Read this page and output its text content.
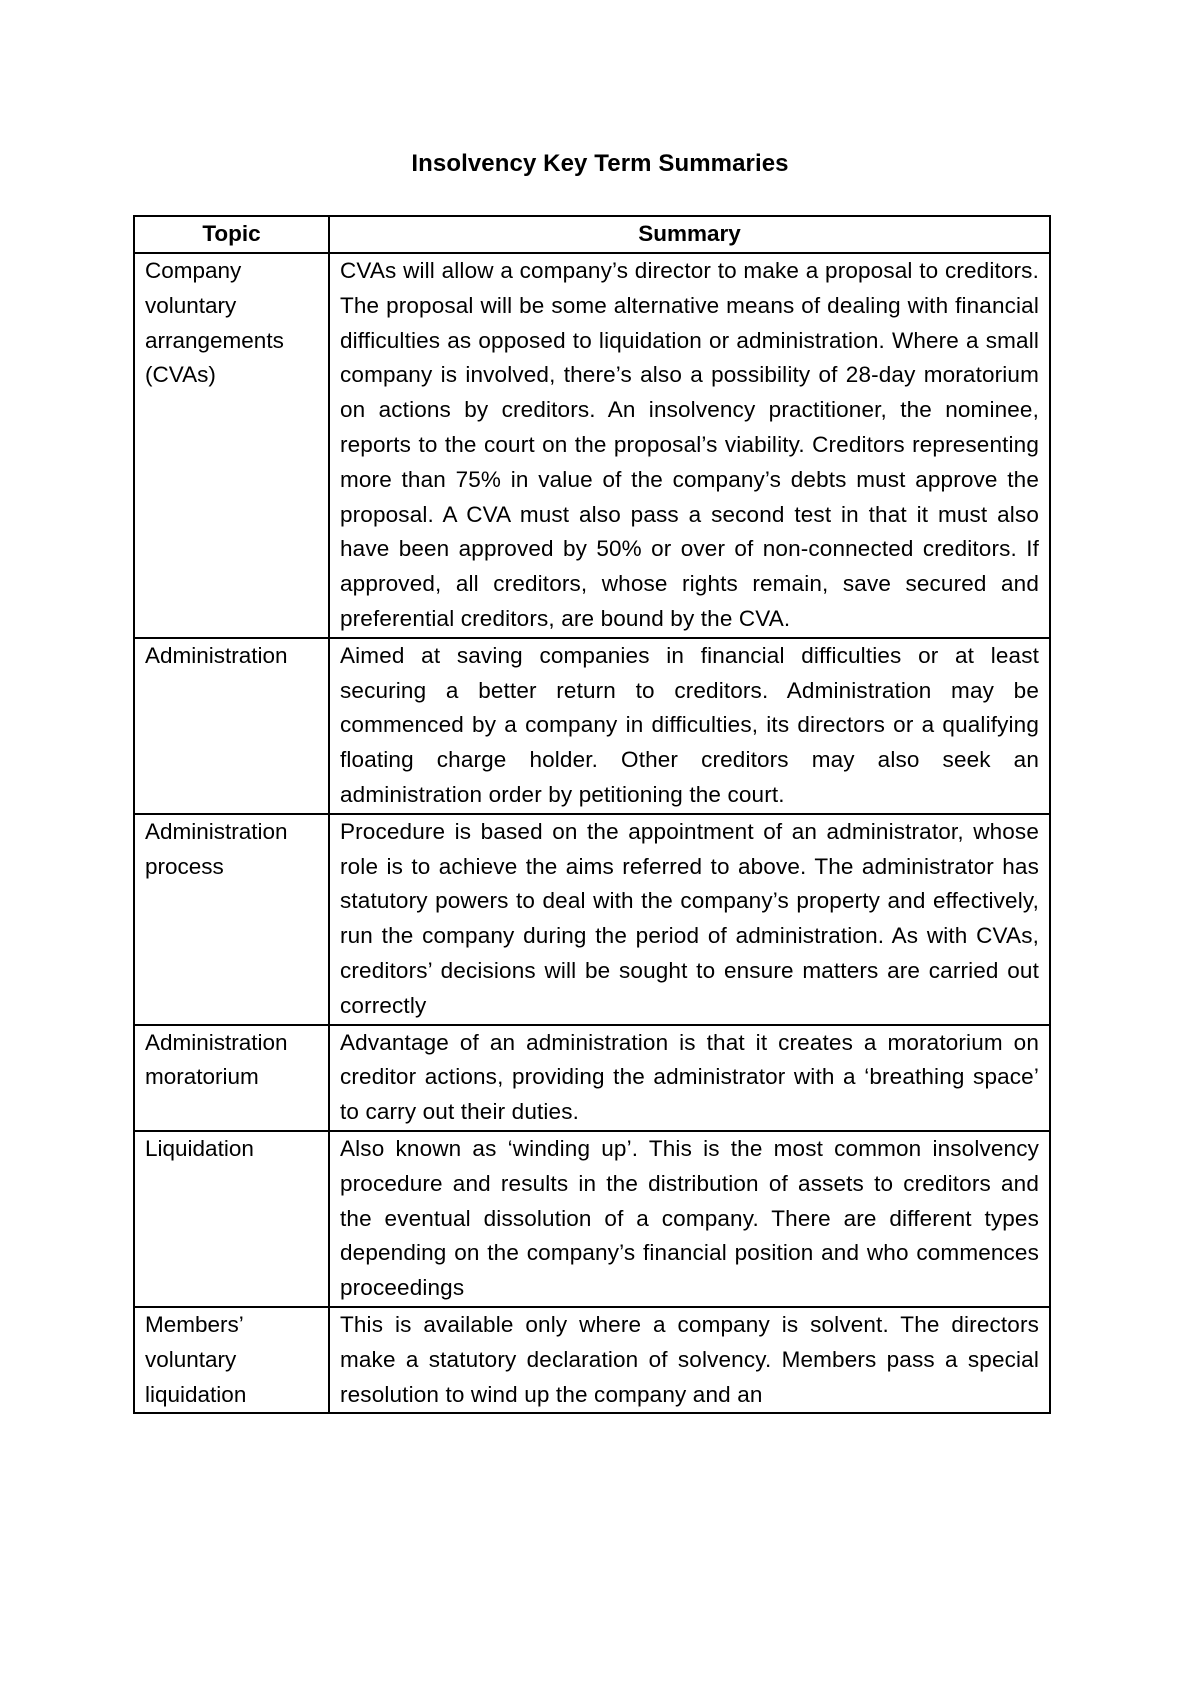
Insolvency Key Term Summaries
Topic	Summary
Company voluntary arrangements (CVAs)	CVAs will allow a company’s director to make a proposal to creditors. The proposal will be some alternative means of dealing with financial difficulties as opposed to liquidation or administration. Where a small company is involved, there’s also a possibility of 28-day moratorium on actions by creditors. An insolvency practitioner, the nominee, reports to the court on the proposal’s viability. Creditors representing more than 75% in value of the company’s debts must approve the proposal. A CVA must also pass a second test in that it must also have been approved by 50% or over of non-connected creditors. If approved, all creditors, whose rights remain, save secured and preferential creditors, are bound by the CVA.
Administration	Aimed at saving companies in financial difficulties or at least securing a better return to creditors. Administration may be commenced by a company in difficulties, its directors or a qualifying floating charge holder. Other creditors may also seek an administration order by petitioning the court.
Administration process	Procedure is based on the appointment of an administrator, whose role is to achieve the aims referred to above. The administrator has statutory powers to deal with the company’s property and effectively, run the company during the period of administration. As with CVAs, creditors’ decisions will be sought to ensure matters are carried out correctly
Administration moratorium	Advantage of an administration is that it creates a moratorium on creditor actions, providing the administrator with a ‘breathing space’ to carry out their duties.
Liquidation	Also known as ‘winding up’. This is the most common insolvency procedure and results in the distribution of assets to creditors and the eventual dissolution of a company. There are different types depending on the company’s financial position and who commences proceedings
Members’ voluntary liquidation	This is available only where a company is solvent. The directors make a statutory declaration of solvency. Members pass a special resolution to wind up the company and an
